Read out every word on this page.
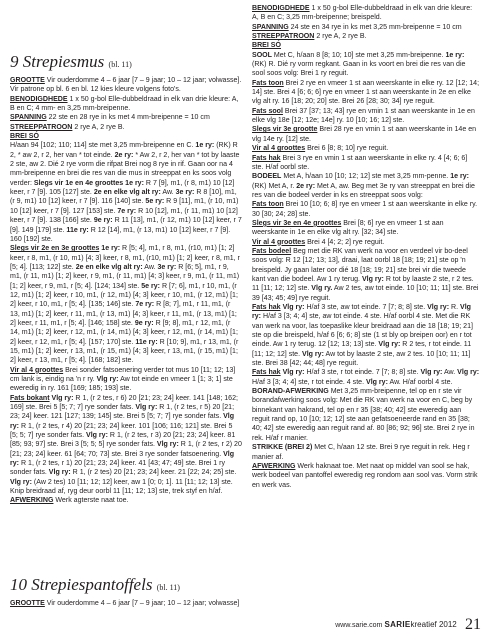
9 Strepiesmus (bl. 11)

GROOTTE Vir ouderdomme 4 – 6 jaar [7 – 9 jaar; 10 – 12 jaar; volwasse]. Vir patrone op bl. 6 en bl. 12 kies kleure volgens foto's.

BENODIGDHEDE 1 x 50 g-bol Elle-dubbeldraad in elk van drie kleure: A, B en C; 4 mm- en 3,25 mm-breipenne.

SPANNING 22 ste en 28 rye in ks met 4 mm-breipenne = 10 cm

STREEPPATROON 2 rye A, 2 rye B.

BREI SÓ

H/aan 94 [102; 110; 114] ste met 3,25 mm-breipenne en C. 1e ry: (RK) R 2, * aw 2, r 2, her van * tot einde. 2e ry: * Aw 2, r 2, her van * tot by laaste 2 ste, aw 2. Dié 2 rye vorm die rifpat Brei nog 8 rye in rif. Gaan oor na 4 mm-breipenne en brei die res van die mus in streeppat en ks soos volg verder: Slegs vir 1e en 4e groottes 1e ry: R 7 [9], m1, (r 8, m1) 10 [12] keer, r 7 [9]. 105 [127] ste. 2e en elke vlg alt ry: Aw. 3e ry: R 8 [10], m1, (r 9, m1) 10 [12] keer, r 7 [9]. 116 [140] ste. 5e ry: R 9 [11], m1, (r 10, m1) 10 [12] keer, r 7 [9]. 127 [153] ste. 7e ry: R 10 [12], m1, (r 11, m1) 10 [12] keer, r 7 [9]. 138 [166] ste. 9e ry: R 11 [13], m1, (r 12, m1) 10 [12] keer, r 7 [9]. 149 [179] ste. 11e ry: R 12 [14], m1, (r 13, m1) 10 [12] keer, r 7 [9]. 160 [192] ste.

Slegs vir 2e en 3e groottes 1e ry: R [5; 4], m1, r 8, m1, (r10, m1) [1; 2] keer, r 8, m1, (r 10, m1) [4; 3] keer, r 8, m1, (r10, m1) [1; 2] keer, r 8, m1, r [5; 4]. [113; 122] ste. 2e en elke vlg alt ry: Aw. 3e ry: R [6; 5], m1, r 9, m1, (r 11, m1) [1; 2] keer, r 9, m1, (r 11, m1) [4; 3] keer, r 9, m1, (r 11, m1) [1; 2] keer, r 9, m1, r [5; 4]. [124; 134] ste. 5e ry: R [7; 6], m1, r 10, m1, (r 12, m1) [1; 2] keer, r 10, m1, (r 12, m1) [4; 3] keer, r 10, m1, (r 12, m1) [1; 2] keer, r 10, m1, r [5; 4]. [135; 146] ste. 7e ry: R [8; 7], m1, r 11, m1, (r 13, m1) [1; 2] keer, r 11, m1, (r 13, m1) [4; 3] keer, r 11, m1, (r 13, m1) [1; 2] keer, r 11, m1, r [5; 4]. [146; 158] ste. 9e ry: R [9; 8], m1, r 12, m1, (r 14, m1) [1; 2] keer, r 12, m1, (r 14, m1) [4; 3] keer, r 12, m1, (r 14, m1) [1; 2] keer, r 12, m1, r [5; 4]. [157; 170] ste. 11e ry: R [10; 9], m1, r 13, m1, (r 15, m1) [1; 2] keer, r 13, m1, (r 15, m1) [4; 3] keer, r 13, m1, (r 15, m1) [1; 2] keer, r 13, m1, r [5; 4]. [168; 182] ste.

Vir al 4 groottes Brei sonder fatsoenering verder tot mus 10 [11; 12; 13] cm lank is, eindig na 'n r ry. Vlg ry: Aw tot einde en vmeer 1 [1; 3; 1] ste eweredig in ry. 161 [169; 185; 193] ste.

Fats bokant Vlg ry: R 1, (r 2 tes, r 6) 20 [21; 23; 24] keer. 141 [148; 162; 169] ste. Brei 5 [5; 7; 7] rye sonder fats. Vlg ry: R 1, (r 2 tes, r 5) 20 [21; 23; 24] keer. 121 [127; 139; 145] ste. Brei 5 [5; 7; 7] rye sonder fats. Vlg ry: R 1, (r 2 tes, r 4) 20 [21; 23; 24] keer. 101 [106; 116; 121] ste. Brei 5 [5; 5; 7] rye sonder fats. Vlg ry: R 1, (r 2 tes, r 3) 20 [21; 23; 24] keer. 81 [85; 93; 97] ste. Brei 3 [5; 5; 5] rye sonder fats. Vlg ry: R 1, (r 2 tes, r 2) 20 [21; 23; 24] keer. 61 [64; 70; 73] ste. Brei 3 rye sonder fatsoenering. Vlg ry: R 1, (r 2 tes, r 1) 20 [21; 23; 24] keer. 41 [43; 47; 49] ste. Brei 1 ry sonder fats. Vlg ry: R 1, (r 2 tes) 20 [21; 23; 24] keer. 21 [22; 24; 25] ste. Vlg ry: (Aw 2 tes) 10 [11; 12; 12] keer, aw 1 [0; 0; 1]. 11 [11; 12; 13] ste. Knip breidraad af, ryg deur oorbl 11 [11; 12; 13] ste, trek styf en h/af.

AFWERKING Werk agterste naat toe.

10 Strepiespantoffels (bl. 11)

GROOTTE Vir ouderdomme 4 – 6 jaar [7 – 9 jaar; 10 – 12 jaar; volwasse]

BENODIGDHEDE 1 x 50 g-bol Elle-dubbeldraad in elk van drie kleure: A, B en C; 3,25 mm-breipenne; breispeld.

SPANNING 24 ste en 34 rye in ks met 3,25 mm-breipenne = 10 cm

STREEPPATROON 2 rye A, 2 rye B.

BREI SÓ

SOOL Met C, h/aan 8 [8; 10; 10] ste met 3,25 mm-breipenne. 1e ry: (RK) R. Dié ry vorm regkant. Gaan in ks voort en brei die res van die sool soos volg: Brei 1 ry reguit.

Fats toon Brei 2 rye en vmeer 1 st aan weerskante in elke ry. 12 [12; 14; 14] ste. Brei 4 [6; 6; 6] rye en vmeer 1 st aan weerskante in 2e en elke vlg alt ry. 16 [18; 20; 20] ste. Brei 26 [28; 30; 34] rye reguit.

Fats sool Brei 37 [37; 13; 43] rye en vmin 1 st aan weerskante in 1e en elke vlg 18e [12; 12e; 14e] ry. 10 [10; 16; 12] ste.

Slegs vir 3e grootte Brei 28 rye en vmin 1 st aan weerskante in 14e en vlg 14e ry. [12] ste.

Vir al 4 groottes Brei 6 [8; 8; 10] rye reguit.

Fats hak Brei 3 rye en vmin 1 st aan weerskante in elke ry. 4 [4; 6; 6] ste. H/af oorbl ste.

BODEEL Met A, h/aan 10 [10; 12; 12] ste met 3,25 mm-penne. 1e ry: (RK) Met A, r. 2e ry: Met A, aw. Beg met 3e ry van streeppat en brei die res van die bodeel verder in ks en streeppat soos volg:

Fats toon Brei 10 [10; 6; 8] rye en vmeer 1 st aan weerskante in elke ry. 30 [30; 24; 28] ste.

Slegs vir 3e en 4e groottes Brei [8; 6] rye en vmeer 1 st aan weerskante in 1e en elke vlg alt ry. [32; 34] ste.

Vir al 4 groottes Brei 4 [4; 2; 2] rye reguit.

Fats bodeel Beg met die RK van werk na voor en verdeel vir bo-deel soos volg: R 12 [12; 13; 13], draai, laat oorbl 18 [18; 19; 21] ste op 'n breispeld. Jy gaan later oor dié 18 [18; 19; 21] ste brei vir die tweede kant van die bodeel. Aw 1 ry terug. Vlg ry: R tot by laaste 2 ste, r 2 tes. 11 [11; 12; 12] ste. Vlg ry. Aw 2 tes, aw tot einde. 10 [10; 11; 11] ste. Brei 39 [43; 45; 49] rye reguit.

Fats hak Vlg ry: H/af 3 ste, aw tot einde. 7 [7; 8; 8] ste. Vlg ry: R. Vlg ry: H/af 3 [3; 4; 4] ste, aw tot einde. 4 ste. H/af oorbl 4 ste. Met die RK van werk na voor, las toepaslike kleur breidraad aan die 18 [18; 19; 21] ste op die breispeld, h/af 6 [6; 6; 8] ste (1 st bly op breipen oor) en r tot einde. Aw 1 ry terug. 12 [12; 13; 13] ste. Vlg ry: R 2 tes, r tot einde. 11 [11; 12; 12] ste. Vlg ry: Aw tot by laaste 2 ste, aw 2 tes. 10 [10; 11; 11] ste. Brei 38 [42; 44; 48] rye reguit.

Fats hak Vlg ry: H/af 3 ste, r tot einde. 7 [7; 8; 8] ste. Vlg ry: Aw. Vlg ry: H/af 3 [3; 4; 4] ste, r tot einde. 4 ste. Vlg ry: Aw. H/af oorbl 4 ste.

BORAND-AFWERKING Met 3,25 mm-breipenne, tel op en r ste vir borandafwerking soos volg: Met die RK van werk na voor en C, beg by binnekant van hakrand, tel op en r 35 [38; 40; 42] ste eweredig aan reguit rand op, 10 [10; 12; 12] ste aan gefatsoeneerde rand en 35 [38; 40; 42] ste eweredig aan reguit rand af. 80 [86; 92; 96] ste. Brei 2 rye in rek. H/af r manier.

STRIKKE (BREI 2) Met C, h/aan 12 ste. Brei 9 rye reguit in rek. Heg r manier af.

AFWERKING Werk haknaat toe. Met naat op middel van sool se hak, werk bodeel van pantoffel eweredig reg rondom aan sool vas. Vorm strik en werk vas.

www.sarie.com SARIEkreatief 2012 21
